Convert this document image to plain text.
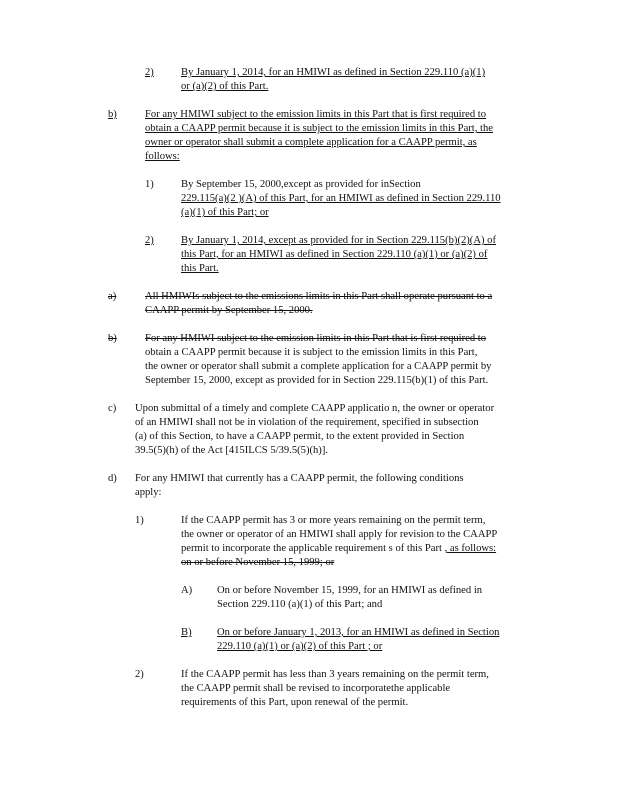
2)	By January 1, 2014, for an HMIWI as defined in Section 229.110 (a)(1)
or (a)(2) of this Part.
b)	For any HMIWI subject to the emission limits in this Part that is first required to
obtain a CAAPP permit because it is subject to the emission limits in this Part, the
owner or operator shall submit a complete application for a CAAPP permit, as
follows:
1)	By September 15, 2000,except as provided for inSection
229.115(a)(2 )(A) of this Part, for an HMIWI as defined in Section 229.110
(a)(1) of this Part; or
2)	By January 1, 2014, except as provided for in Section 229.115(b)(2)(A) of
this Part, for an HMIWI as defined in Section 229.110 (a)(1) or (a)(2) of
this Part.
a)	All HMIWIs subject to the emissions limits in this Part shall operate pursuant to a
CAAPP permit by September 15, 2000.
b)	For any HMIWI subject to the emission limits in this Part that is first required to
obtain a CAAPP permit because it is subject to the emission limits in this Part,
the owner or operator shall submit a complete application for a CAAPP permit by
September 15, 2000, except as provided for in Section 229.115(b)(1) of this Part.
c) Upon submittal of a timely and complete CAAPP applicatio n, the owner or operator
of an HMIWI shall not be in violation of the requirement, specified in subsection
(a) of this Section, to have a CAAPP permit, to the extent provided in Section
39.5(5)(h) of the Act [415ILCS 5/39.5(5)(h)].
d) For any HMIWI that currently has a CAAPP permit, the following conditions
apply:
1)	If the CAAPP permit has 3 or more years remaining on the permit term,
the owner or operator of an HMIWI shall apply for revision to the CAAPP
permit to incorporate the applicable requirement s of this Part , as follows:
on or before November 15, 1999; or
A) On or before November 15, 1999, for an HMIWI as defined in
Section 229.110 (a)(1) of this Part; and
B) On or before January 1, 2013, for an HMIWI as defined in Section
229.110 (a)(1) or (a)(2) of this Part ; or
2)	If the CAAPP permit has less than 3 years remaining on the permit term,
the CAAPP permit shall be revised to incorporatethe applicable
requirements of this Part, upon renewal of the permit.
